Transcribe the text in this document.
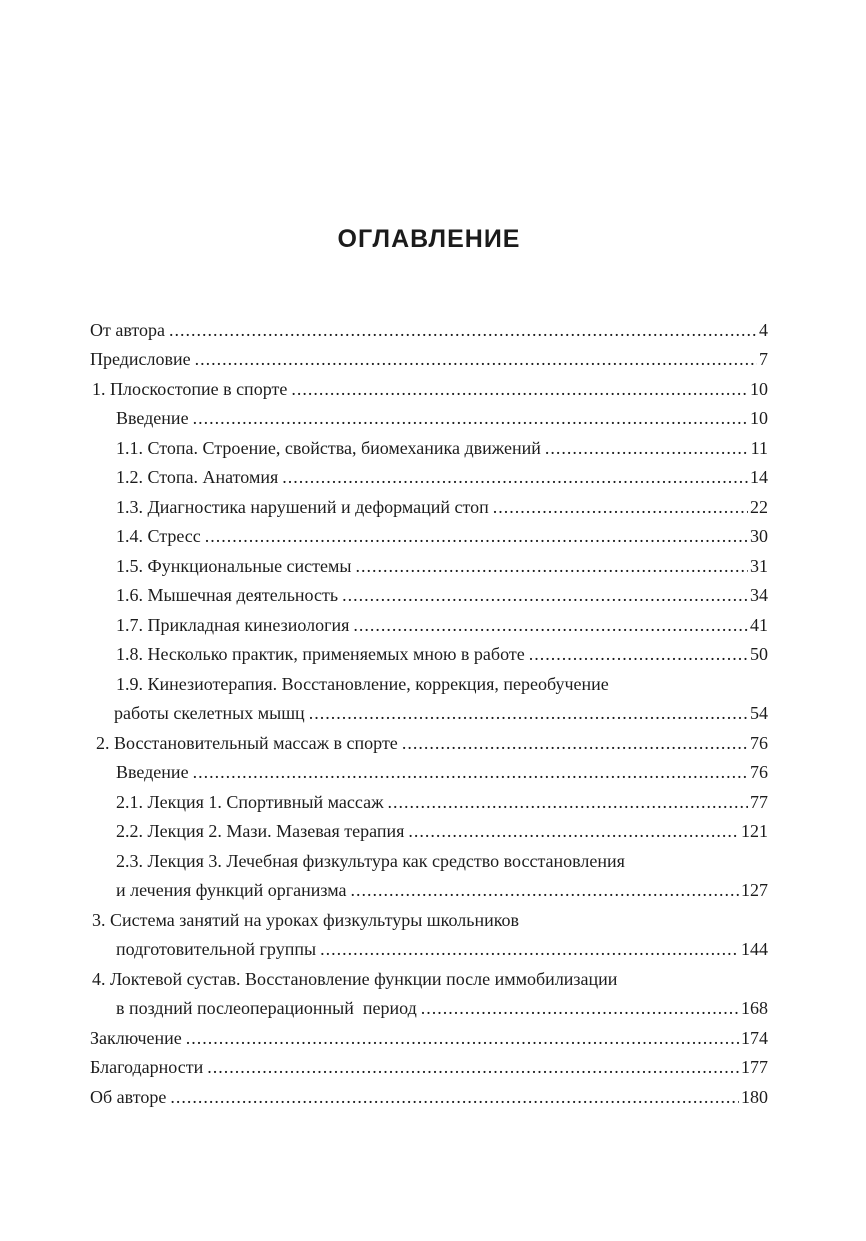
ОГЛАВЛЕНИЕ
От автора .....	4
Предисловие .....	7
1. Плоскостопие в спорте .....	10
Введение .....	10
1.1. Стопа. Строение, свойства, биомеханика движений .....	11
1.2. Стопа. Анатомия .....	14
1.3. Диагностика нарушений и деформаций стоп .....	22
1.4. Стресс .....	30
1.5. Функциональные системы .....	31
1.6. Мышечная деятельность .....	34
1.7. Прикладная кинезиология .....	41
1.8. Несколько практик, применяемых мною в работе .....	50
1.9. Кинезиотерапия. Восстановление, коррекция, переобучение
работы скелетных мышц .....	54
2. Восстановительный массаж в спорте .....	76
Введение .....	76
2.1. Лекция 1. Спортивный массаж .....	77
2.2. Лекция 2. Мази. Мазевая терапия .....	121
2.3. Лекция 3. Лечебная физкультура как средство восстановления
и лечения функций организма .....	127
3. Система занятий на уроках физкультуры школьников
подготовительной группы .....	144
4. Локтевой сустав. Восстановление функции после иммобилизации
в поздний послеоперационный  период .....	168
Заключение .....	174
Благодарности .....	177
Об авторе .....	180
